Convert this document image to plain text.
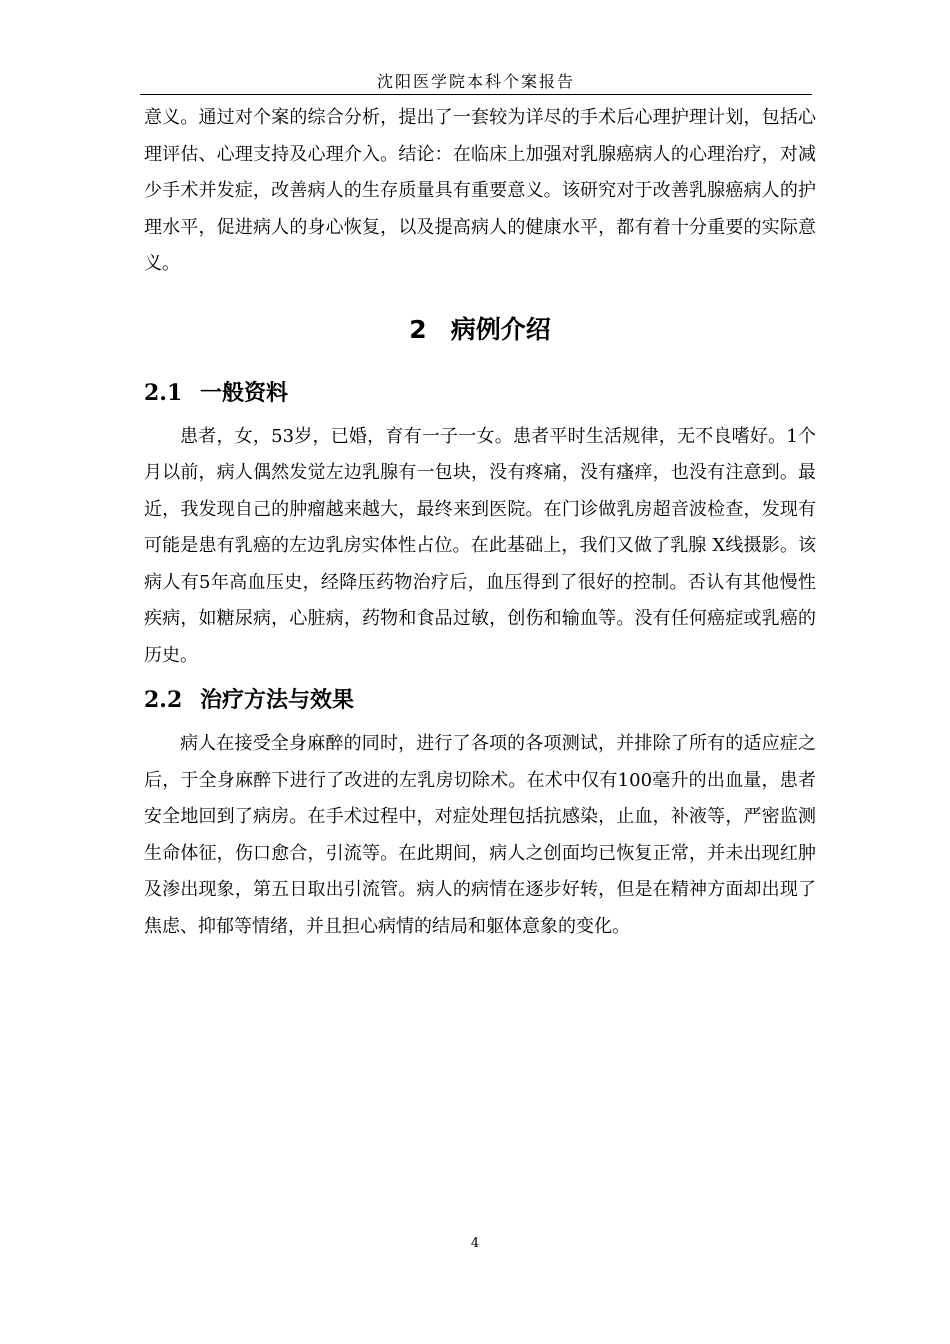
沈阳医学院本科个案报告

意义。通过对个案的综合分析，提出了一套较为详尽的手术后心理护理计划，包括心理评估、心理支持及心理介入。结论：在临床上加强对乳腺癌病人的心理治疗，对减少手术并发症，改善病人的生存质量具有重要意义。该研究对于改善乳腺癌病人的护理水平，促进病人的身心恢复，以及提高病人的健康水平，都有着十分重要的实际意义。

2 病例介绍
2.1 一般资料

患者，女，53岁，已婚，育有一子一女。患者平时生活规律，无不良嗜好。1个月以前，病人偶然发觉左边乳腺有一包块，没有疼痛，没有瘙痒，也没有注意到。最近，我发现自己的肿瘤越来越大，最终来到医院。在门诊做乳房超音波检查，发现有可能是患有乳癌的左边乳房实体性占位。在此基础上，我们又做了乳腺 X线摄影。该病人有5年高血压史，经降压药物治疗后，血压得到了很好的控制。否认有其他慢性疾病，如糖尿病，心脏病，药物和食品过敏，创伤和输血等。没有任何癌症或乳癌的历史。

2.2 治疗方法与效果

病人在接受全身麻醉的同时，进行了各项的各项测试，并排除了所有的适应症之后，于全身麻醉下进行了改进的左乳房切除术。在术中仅有100毫升的出血量，患者安全地回到了病房。在手术过程中，对症处理包括抗感染，止血，补液等，严密监测生命体征，伤口愈合，引流等。在此期间，病人之创面均已恢复正常，并未出现红肿及渗出现象，第五日取出引流管。病人的病情在逐步好转，但是在精神方面却出现了焦虑、抑郁等情绪，并且担心病情的结局和躯体意象的变化。

4
